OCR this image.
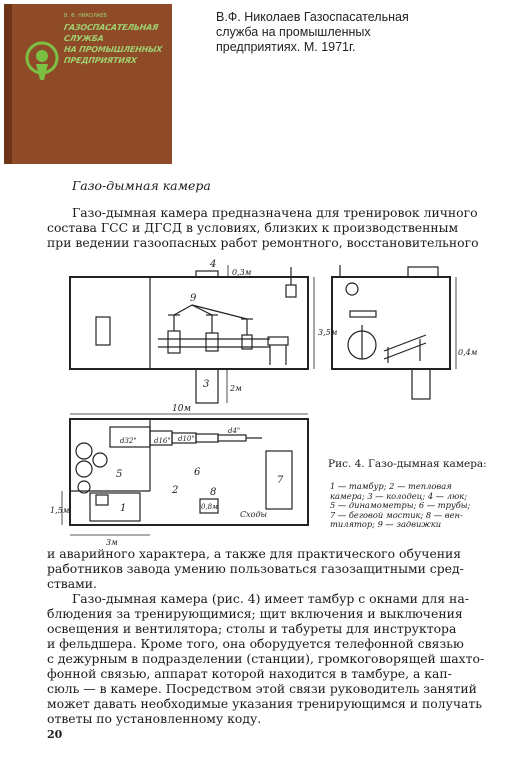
В. Ф. НИКОЛАЕВ
ГАЗОСПАСАТЕЛЬНАЯ
СЛУЖБА
НА ПРОМЫШЛЕННЫХ
ПРЕДПРИЯТИЯХ
В.Ф. Николаев Газоспасательная
служба на промышленных
предприятиях. М. 1971г.
Газо-дымная камера
Газо-дымная камера предназначена для тренировок личного
состава ГСС и ДГСД в условиях, близких к производственным
при ведении газоопасных работ ремонтного, восстановительного
4
0,3м
9
3,5м
0,4м
3	2м
10м
d32" d16" d10"
d4"
5	6
2
7
1	0,8м
8
Сходы
1,5м
3м
Рис. 4. Газо-дымная камера:
1 — тамбур; 2 — тепловая
камера; 3 — колодец; 4 — люк;
5 — динамометры; 6 — трубы;
7 — беговой мостик; 8 — вен-
тилятор; 9 — задвижки
и аварийного характера, а также для практического обучения
работников завода умению пользоваться газозащитными сред-
ствами.
Газо-дымная камера (рис. 4) имеет тамбур с окнами для на-
блюдения за тренирующимися; щит включения и выключения
освещения и вентилятора; столы и табуреты для инструктора
и фельдшера. Кроме того, она оборудуется телефонной связью
с дежурным в подразделении (станции), громкоговорящей шахто-
фонной связью, аппарат которой находится в тамбуре, а кап-
сюль — в камере. Посредством этой связи руководитель занятий
может давать необходимые указания тренирующимся и получать
ответы по установленному коду.
20
